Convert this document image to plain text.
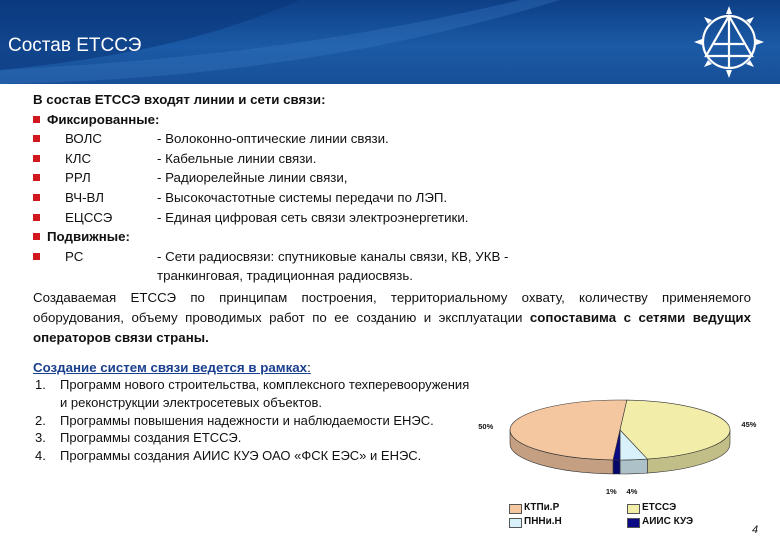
Состав ЕТССЭ
В состав ЕТССЭ входят линии и сети связи:
Фиксированные:
ВОЛС	- Волоконно-оптические линии связи.
КЛС	- Кабельные линии связи.
РРЛ	- Радиорелейные линии связи,
ВЧ-ВЛ	- Высокочастотные системы передачи по ЛЭП.
ЕЦССЭ	- Единая цифровая сеть связи электроэнергетики.
Подвижные:
РС	- Сети радиосвязи: спутниковые каналы связи, КВ, УКВ -
транкинговая, традиционная радиосвязь.
Создаваемая ЕТССЭ по принципам построения, территориальному охвату, количеству применяемого оборудования, объему проводимых работ по ее созданию и эксплуатации сопоставима с сетями ведущих операторов связи страны.
Создание систем связи ведется в рамках:
1. Программ нового строительства, комплексного техперевооружения и реконструкции электросетевых объектов.
2. Программы повышения надежности и наблюдаемости ЕНЭС.
3. Программы создания ЕТССЭ.
4. Программы создания АИИС КУЭ ОАО «ФСК ЕЭС» и ЕНЭС.
50%	45%
4%
1%
КТПи.Р	ЕТССЭ
ПННи.Н	АИИС КУЭ
4
